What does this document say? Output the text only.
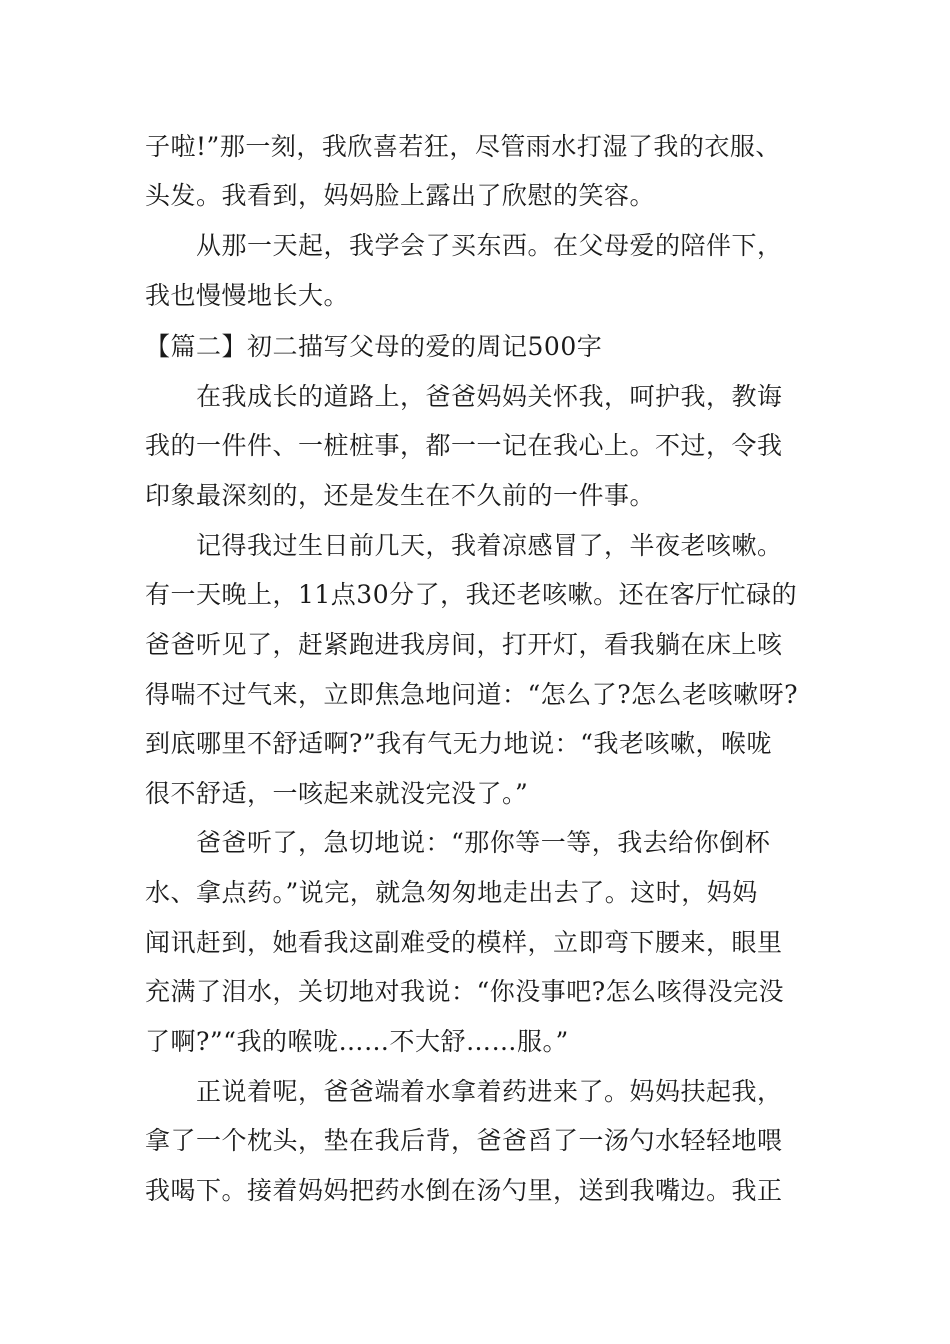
子啦!”那一刻，我欣喜若狂，尽管雨水打湿了我的衣服、
头发。我看到，妈妈脸上露出了欣慰的笑容。
从那一天起，我学会了买东西。在父母爱的陪伴下，
我也慢慢地长大。
【篇二】初二描写父母的爱的周记500字
在我成长的道路上，爸爸妈妈关怀我，呵护我，教诲
我的一件件、一桩桩事，都一一记在我心上。不过，令我
印象最深刻的，还是发生在不久前的一件事。
记得我过生日前几天，我着凉感冒了，半夜老咳嗽。
有一天晚上，11点30分了，我还老咳嗽。还在客厅忙碌的
爸爸听见了，赶紧跑进我房间，打开灯，看我躺在床上咳
得喘不过气来，立即焦急地问道：“怎么了?怎么老咳嗽呀?
到底哪里不舒适啊?”我有气无力地说：“我老咳嗽，喉咙
很不舒适，一咳起来就没完没了。”
爸爸听了，急切地说：“那你等一等，我去给你倒杯
水、拿点药。”说完，就急匆匆地走出去了。这时，妈妈
闻讯赶到，她看我这副难受的模样，立即弯下腰来，眼里
充满了泪水，关切地对我说：“你没事吧?怎么咳得没完没
了啊?”“我的喉咙……不大舒……服。”
正说着呢，爸爸端着水拿着药进来了。妈妈扶起我，
拿了一个枕头，垫在我后背，爸爸舀了一汤勺水轻轻地喂
我喝下。接着妈妈把药水倒在汤勺里，送到我嘴边。我正
